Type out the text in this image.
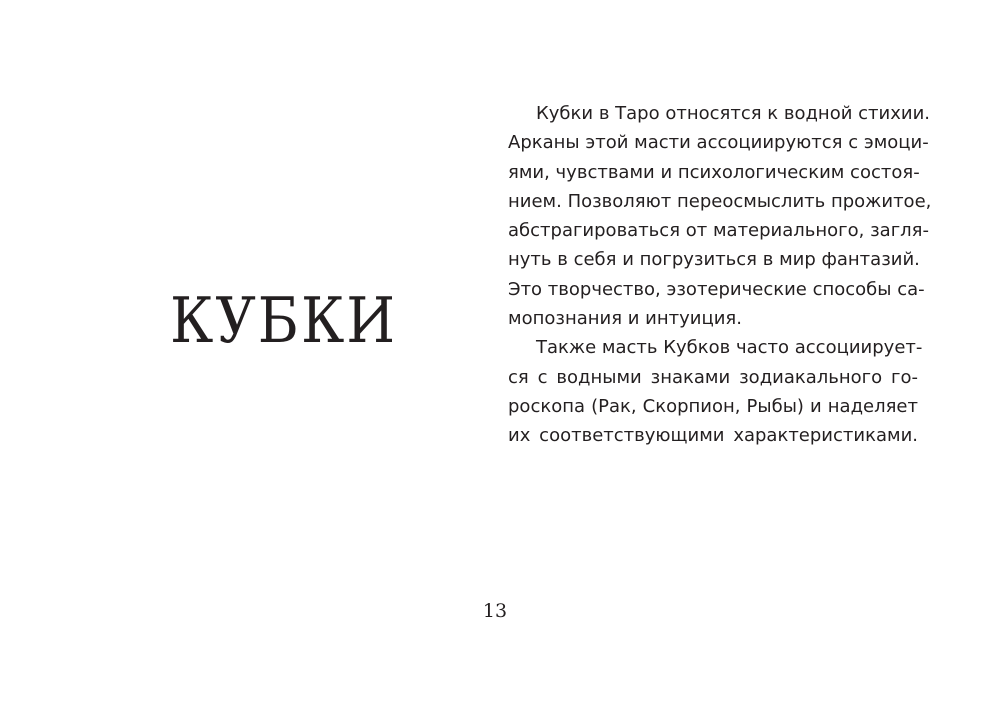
КУБКИ
Кубки в Таро относятся к водной стихии.
Арканы этой масти ассоциируются с эмоци-
ями, чувствами и психологическим состоя-
нием. Позволяют переосмыслить прожитое,
абстрагироваться от материального, загля-
нуть в себя и погрузиться в мир фантазий.
Это творчество, эзотерические способы са-
мопознания и интуиция.
Также масть Кубков часто ассоциирует-
ся с водными знаками зодиакального го-
роскопа (Рак, Скорпион, Рыбы) и наделяет
их соответствующими характеристиками.
13
